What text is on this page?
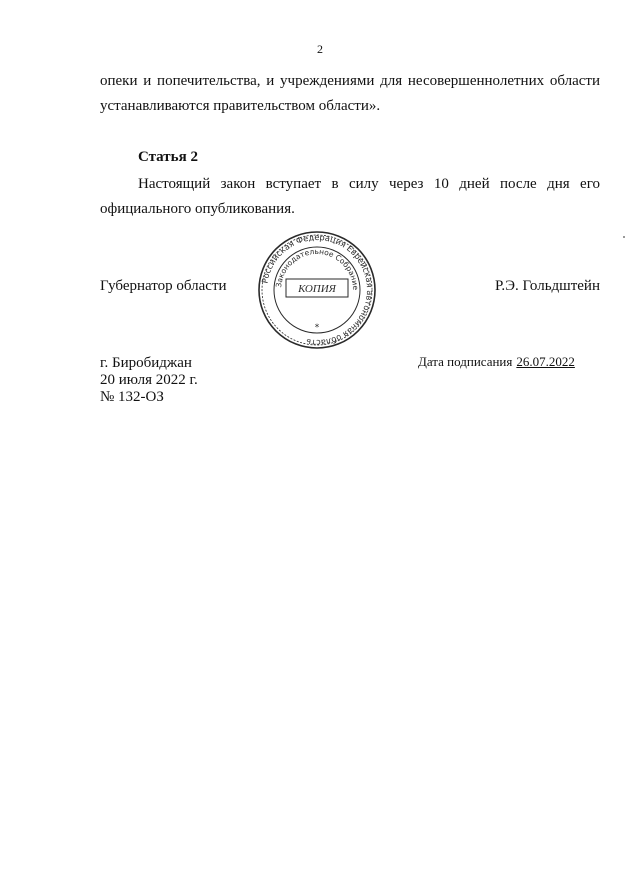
2
опеки и попечительства, и учреждениями для несовершеннолетних области
устанавливаются правительством области».
Статья 2
Настоящий закон вступает в силу через 10 дней после дня его
официального опубликования.
Губернатор области	Р.Э. Гольдштейн
Российская Федерация Еврейская автономная область
Законодательное Собрание
КОПИЯ
*
г. Биробиджан
20 июля 2022 г.
№ 132-ОЗ
Дата подписания 26.07.2022
